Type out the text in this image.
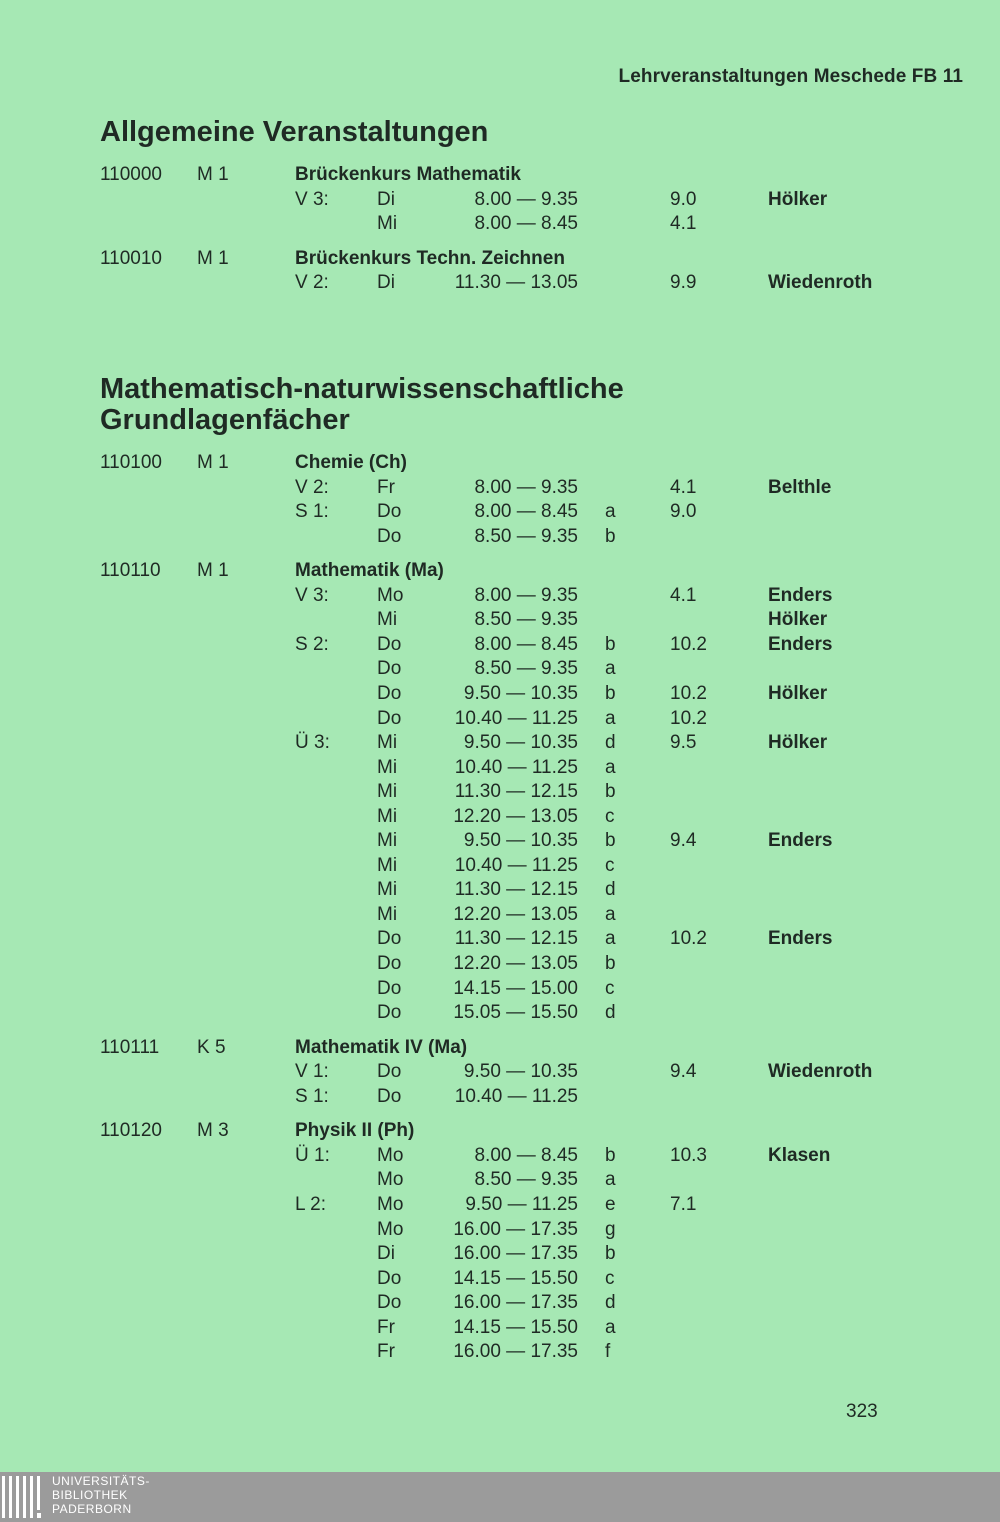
Lehrveranstaltungen Meschede FB 11
Allgemeine Veranstaltungen
Mathematisch-naturwissenschaftliche
Grundlagenfächer
110000 M 1	Brückenkurs Mathematik
V 3:	Di	8.00 — 9.35	9.0	Hölker
Mi	8.00 — 8.45	4.1
110010 M 1	Brückenkurs Techn. Zeichnen
V 2:	Di	11.30 — 13.05	9.9	Wiedenroth
110100 M 1	Chemie (Ch)
V 2:	Fr	8.00 — 9.35	4.1	Belthle
S 1:	Do	8.00 — 8.45 a	9.0
Do	8.50 — 9.35 b
110110 M 1	Mathematik (Ma)
V 3:	Mo	8.00 — 9.35	4.1	Enders
Mi	8.50 — 9.35	Hölker
S 2:	Do	8.00 — 8.45 b	10.2	Enders
Do	8.50 — 9.35 a
Do	9.50 — 10.35 b	10.2	Hölker
Do	10.40 — 11.25 a	10.2
Ü 3: Mi	9.50 — 10.35 d	9.5	Hölker
Mi	10.40 — 11.25 a
Mi	11.30 — 12.15 b
Mi	12.20 — 13.05 c
Mi	9.50 — 10.35 b	9.4	Enders
Mi	10.40 — 11.25 c
Mi	11.30 — 12.15 d
Mi	12.20 — 13.05 a
Do	11.30 — 12.15 a	10.2	Enders
Do	12.20 — 13.05 b
Do	14.15 — 15.00 c
Do	15.05 — 15.50 d
110111 K 5	Mathematik IV (Ma)
V 1:	Do	9.50 — 10.35	9.4	Wiedenroth
S 1:	Do	10.40 — 11.25
110120 M 3	Physik II (Ph)
Ü 1: Mo	8.00 — 8.45 b	10.3	Klasen
Mo	8.50 — 9.35 a
L 2:	Mo	9.50 — 11.25 e	7.1
Mo	16.00 — 17.35 g
Di	16.00 — 17.35 b
Do	14.15 — 15.50 c
Do	16.00 — 17.35 d
Fr	14.15 — 15.50 a
Fr	16.00 — 17.35 f
323
UNIVERSITÄTS-
BIBLIOTHEK
PADERBORN
